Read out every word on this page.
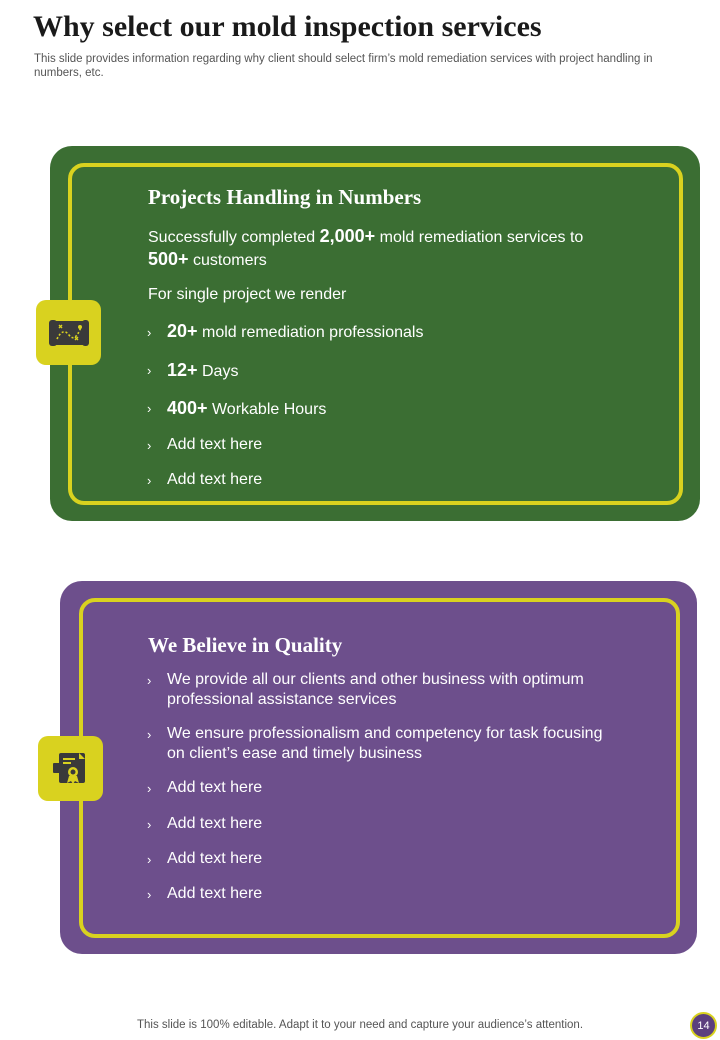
Why select our mold inspection services
This slide provides information regarding why client should select firm’s mold remediation services with project handling in numbers, etc.
Projects Handling in Numbers
Successfully completed 2,000+ mold remediation services to
500+ customers
For single project we render
› 20+ mold remediation professionals
› 12+ Days
› 400+ Workable Hours
› Add text here
› Add text here
We Believe in Quality
› We provide all our clients and other business with optimum
professional assistance services
› We ensure professionalism and competency for task focusing
on client’s ease and timely business
› Add text here
› Add text here
› Add text here
› Add text here
This slide is 100% editable. Adapt it to your need and capture your audience’s attention.	14
